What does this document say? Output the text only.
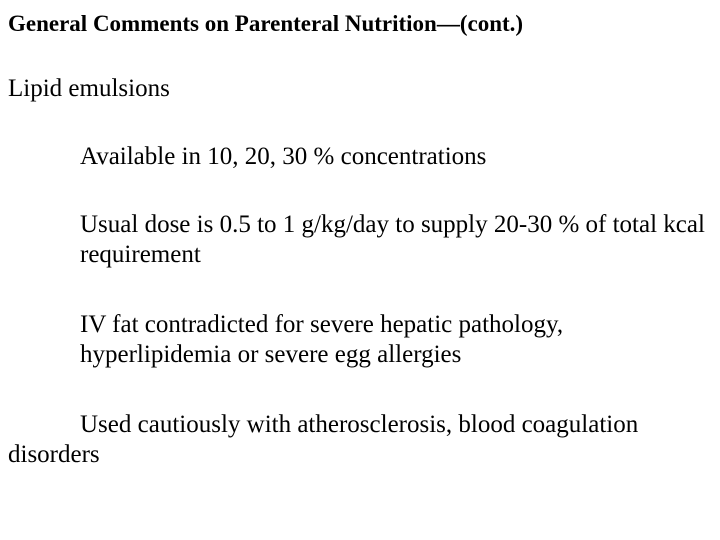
General Comments on Parenteral Nutrition—(cont.)
Lipid emulsions
Available in 10, 20, 30 % concentrations
Usual dose is 0.5 to 1 g/kg/day to supply 20-30 % of total kcal requirement
IV fat contradicted for severe hepatic pathology, hyperlipidemia or severe egg allergies
Used cautiously with atherosclerosis, blood coagulation disorders
